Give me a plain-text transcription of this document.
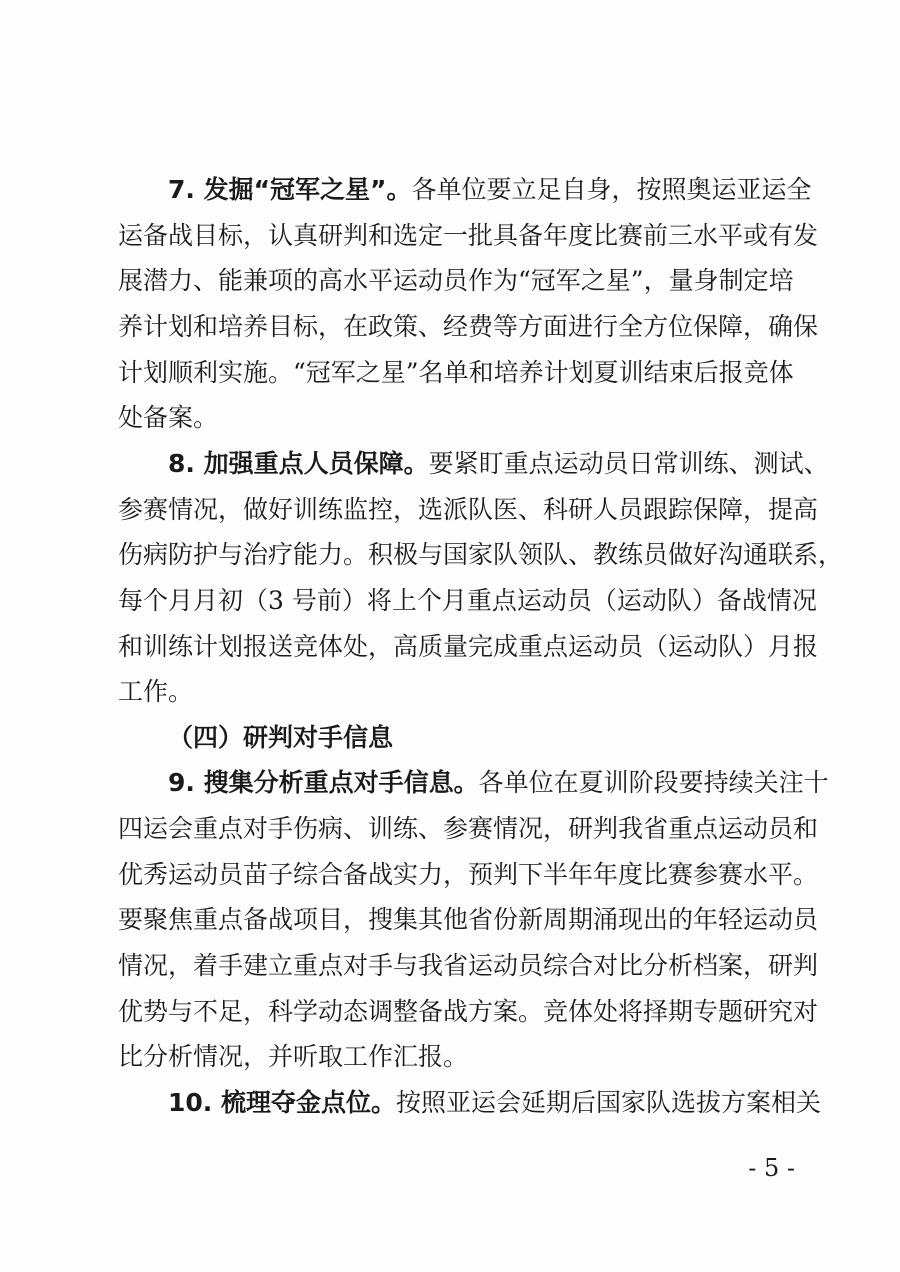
7. 发掘“冠军之星”。各单位要立足自身，按照奥运亚运全
运备战目标，认真研判和选定一批具备年度比赛前三水平或有发
展潜力、能兼项的高水平运动员作为“冠军之星”，量身制定培
养计划和培养目标，在政策、经费等方面进行全方位保障，确保
计划顺利实施。“冠军之星”名单和培养计划夏训结束后报竞体
处备案。
8. 加强重点人员保障。要紧盯重点运动员日常训练、测试、
参赛情况，做好训练监控，选派队医、科研人员跟踪保障，提高
伤病防护与治疗能力。积极与国家队领队、教练员做好沟通联系，
每个月月初（3 号前）将上个月重点运动员（运动队）备战情况
和训练计划报送竞体处，高质量完成重点运动员（运动队）月报
工作。
（四）研判对手信息
9. 搜集分析重点对手信息。各单位在夏训阶段要持续关注十
四运会重点对手伤病、训练、参赛情况，研判我省重点运动员和
优秀运动员苗子综合备战实力，预判下半年年度比赛参赛水平。
要聚焦重点备战项目，搜集其他省份新周期涌现出的年轻运动员
情况，着手建立重点对手与我省运动员综合对比分析档案，研判
优势与不足，科学动态调整备战方案。竞体处将择期专题研究对
比分析情况，并听取工作汇报。
10. 梳理夺金点位。按照亚运会延期后国家队选拔方案相关
- 5 -
